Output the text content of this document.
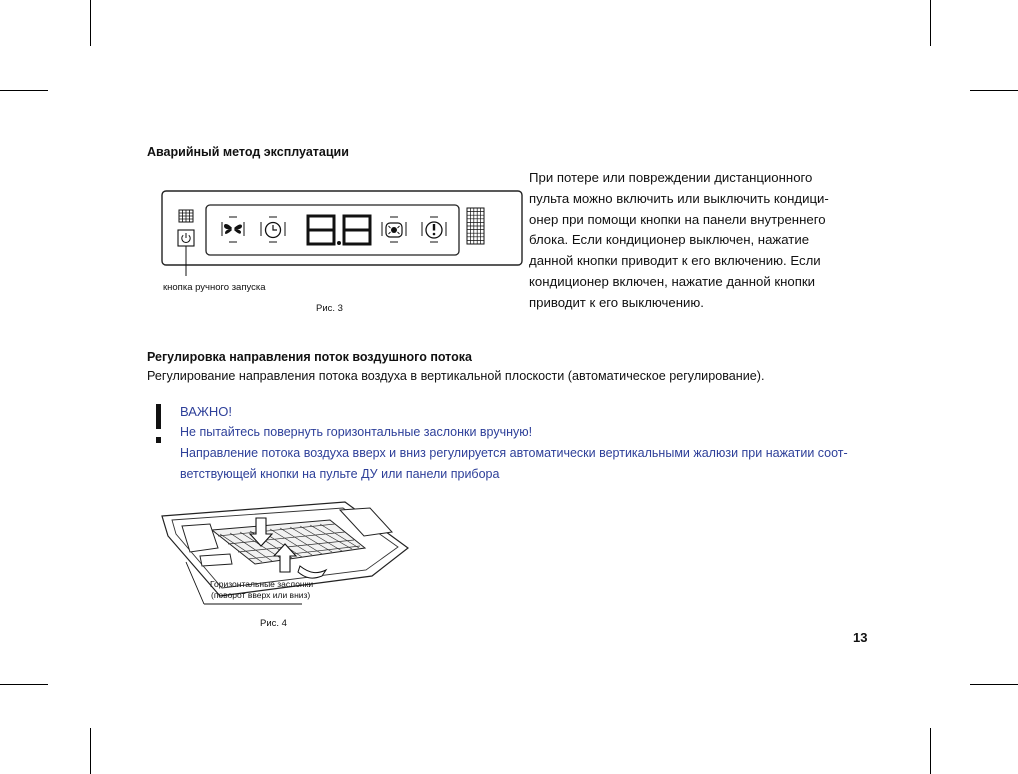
Аварийный метод эксплуатации
При потере или повреждении дистанционного
пульта можно включить или выключить кондици-
онер при помощи кнопки на панели внутреннего
блока. Если кондиционер выключен, нажатие
данной кнопки приводит к его включению. Если
кондиционер включен, нажатие данной кнопки
приводит к его выключению.
кнопка ручного запуска
Рис. 3
Регулировка направления поток воздушного потока
Регулирование направления потока воздуха в вертикальной плоскости (автоматическое регулирование).
ВАЖНО!
Не пытайтесь повернуть горизонтальные заслонки вручную!
Направление потока воздуха вверх и вниз регулируется автоматически вертикальными жалюзи при нажатии соот-
ветствующей кнопки на пульте ДУ или панели прибора
Горизонтальные заслонки
(поворот вверх или вниз)
Рис. 4
13
